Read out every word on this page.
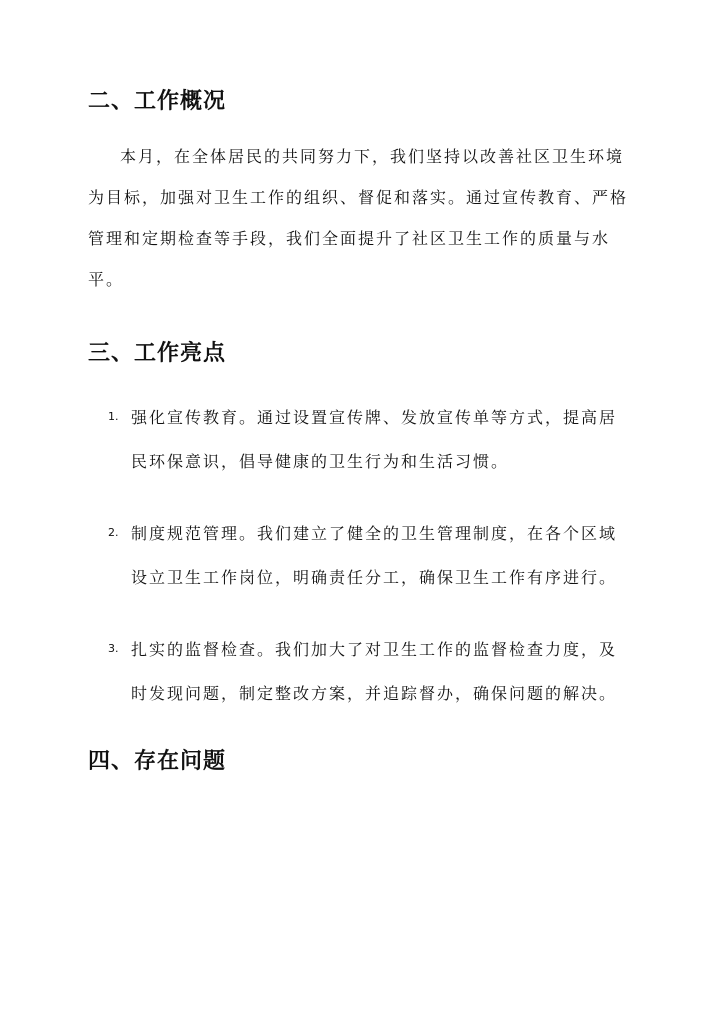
二、工作概况

本月，在全体居民的共同努力下，我们坚持以改善社区卫生环境为目标，加强对卫生工作的组织、督促和落实。通过宣传教育、严格管理和定期检查等手段，我们全面提升了社区卫生工作的质量与水平。

三、工作亮点
1. 强化宣传教育。通过设置宣传牌、发放宣传单等方式，提高居民环保意识，倡导健康的卫生行为和生活习惯。
2. 制度规范管理。我们建立了健全的卫生管理制度，在各个区域设立卫生工作岗位，明确责任分工，确保卫生工作有序进行。
3. 扎实的监督检查。我们加大了对卫生工作的监督检查力度，及时发现问题，制定整改方案，并追踪督办，确保问题的解决。
四、存在问题
